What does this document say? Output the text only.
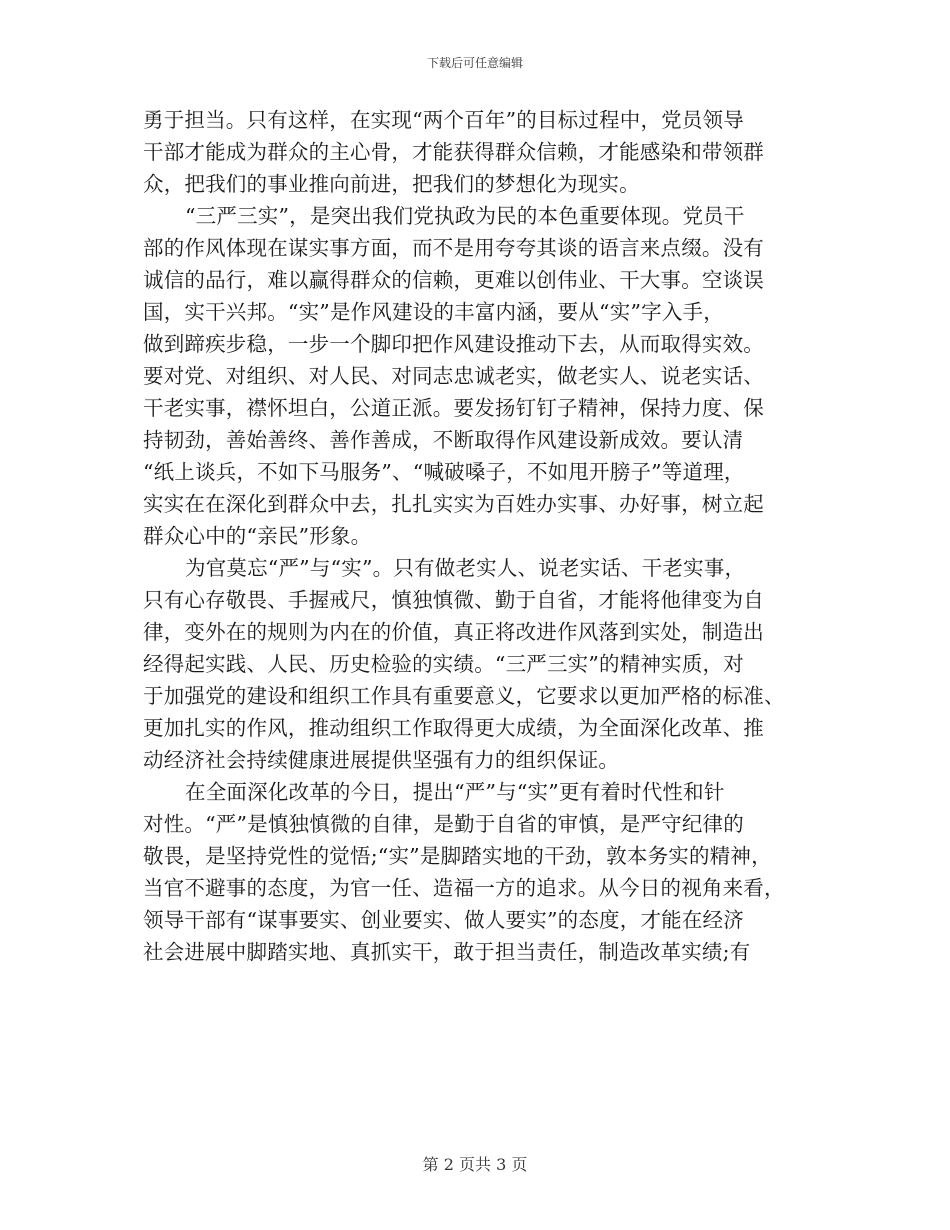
下载后可任意编辑
勇于担当。只有这样，在实现“两个百年”的目标过程中，党员领导
干部才能成为群众的主心骨，才能获得群众信赖，才能感染和带领群
众，把我们的事业推向前进，把我们的梦想化为现实。
“三严三实”，是突出我们党执政为民的本色重要体现。党员干
部的作风体现在谋实事方面，而不是用夸夸其谈的语言来点缀。没有
诚信的品行，难以赢得群众的信赖，更难以创伟业、干大事。空谈误
国，实干兴邦。“实”是作风建设的丰富内涵，要从“实”字入手，
做到蹄疾步稳，一步一个脚印把作风建设推动下去，从而取得实效。
要对党、对组织、对人民、对同志忠诚老实，做老实人、说老实话、
干老实事，襟怀坦白，公道正派。要发扬钉钉子精神，保持力度、保
持韧劲，善始善终、善作善成，不断取得作风建设新成效。要认清
“纸上谈兵，不如下马服务”、“喊破嗓子，不如甩开膀子”等道理，
实实在在深化到群众中去，扎扎实实为百姓办实事、办好事，树立起
群众心中的“亲民”形象。
为官莫忘“严”与“实”。只有做老实人、说老实话、干老实事，
只有心存敬畏、手握戒尺，慎独慎微、勤于自省，才能将他律变为自
律，变外在的规则为内在的价值，真正将改进作风落到实处，制造出
经得起实践、人民、历史检验的实绩。“三严三实”的精神实质，对
于加强党的建设和组织工作具有重要意义，它要求以更加严格的标准、
更加扎实的作风，推动组织工作取得更大成绩，为全面深化改革、推
动经济社会持续健康进展提供坚强有力的组织保证。
在全面深化改革的今日，提出“严”与“实”更有着时代性和针
对性。“严”是慎独慎微的自律，是勤于自省的审慎，是严守纪律的
敬畏，是坚持党性的觉悟;“实”是脚踏实地的干劲，敦本务实的精神，
当官不避事的态度，为官一任、造福一方的追求。从今日的视角来看，
领导干部有“谋事要实、创业要实、做人要实”的态度，才能在经济
社会进展中脚踏实地、真抓实干，敢于担当责任，制造改革实绩;有
第 2 页共 3 页
